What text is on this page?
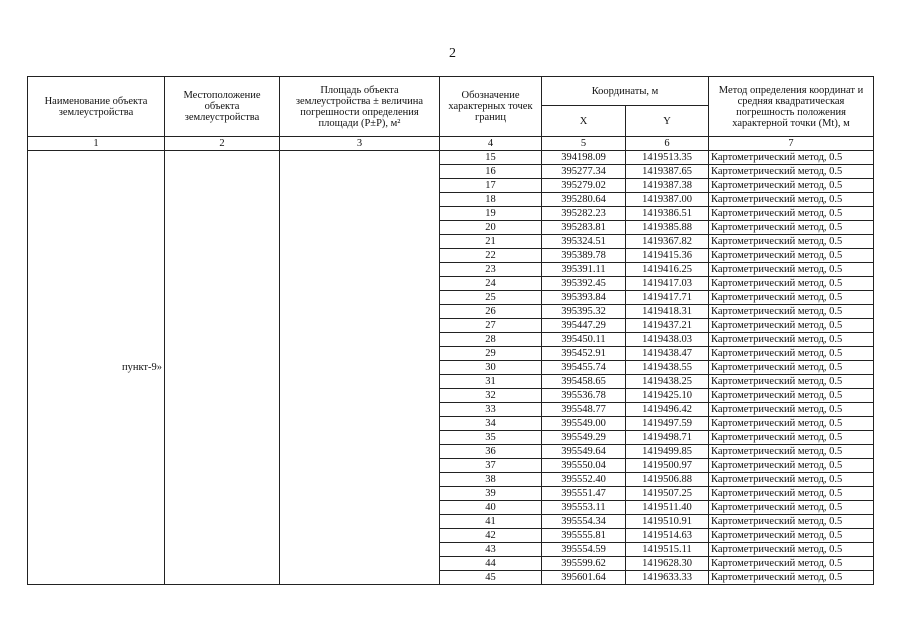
2
Наименование объекта землеустройства	Местоположение объекта землеустройства	Площадь объекта землеустройства ± величина погрешности определения площади (P±P), м²	Обозначение характерных точек границ	Координаты, м		Метод определения координат и средняя квадратическая погрешность положения характерной точки (Mt), м
				X	Y	
1	2	3	4	5	6	7
пункт-9»			15	394198.09	1419513.35	Картометрический метод, 0.5
			16	395277.34	1419387.65	Картометрический метод, 0.5
			17	395279.02	1419387.38	Картометрический метод, 0.5
			18	395280.64	1419387.00	Картометрический метод, 0.5
			19	395282.23	1419386.51	Картометрический метод, 0.5
			20	395283.81	1419385.88	Картометрический метод, 0.5
			21	395324.51	1419367.82	Картометрический метод, 0.5
			22	395389.78	1419415.36	Картометрический метод, 0.5
			23	395391.11	1419416.25	Картометрический метод, 0.5
			24	395392.45	1419417.03	Картометрический метод, 0.5
			25	395393.84	1419417.71	Картометрический метод, 0.5
			26	395395.32	1419418.31	Картометрический метод, 0.5
			27	395447.29	1419437.21	Картометрический метод, 0.5
			28	395450.11	1419438.03	Картометрический метод, 0.5
			29	395452.91	1419438.47	Картометрический метод, 0.5
			30	395455.74	1419438.55	Картометрический метод, 0.5
			31	395458.65	1419438.25	Картометрический метод, 0.5
			32	395536.78	1419425.10	Картометрический метод, 0.5
			33	395548.77	1419496.42	Картометрический метод, 0.5
			34	395549.00	1419497.59	Картометрический метод, 0.5
			35	395549.29	1419498.71	Картометрический метод, 0.5
			36	395549.64	1419499.85	Картометрический метод, 0.5
			37	395550.04	1419500.97	Картометрический метод, 0.5
			38	395552.40	1419506.88	Картометрический метод, 0.5
			39	395551.47	1419507.25	Картометрический метод, 0.5
			40	395553.11	1419511.40	Картометрический метод, 0.5
			41	395554.34	1419510.91	Картометрический метод, 0.5
			42	395555.81	1419514.63	Картометрический метод, 0.5
			43	395554.59	1419515.11	Картометрический метод, 0.5
			44	395599.62	1419628.30	Картометрический метод, 0.5
			45	395601.64	1419633.33	Картометрический метод, 0.5
